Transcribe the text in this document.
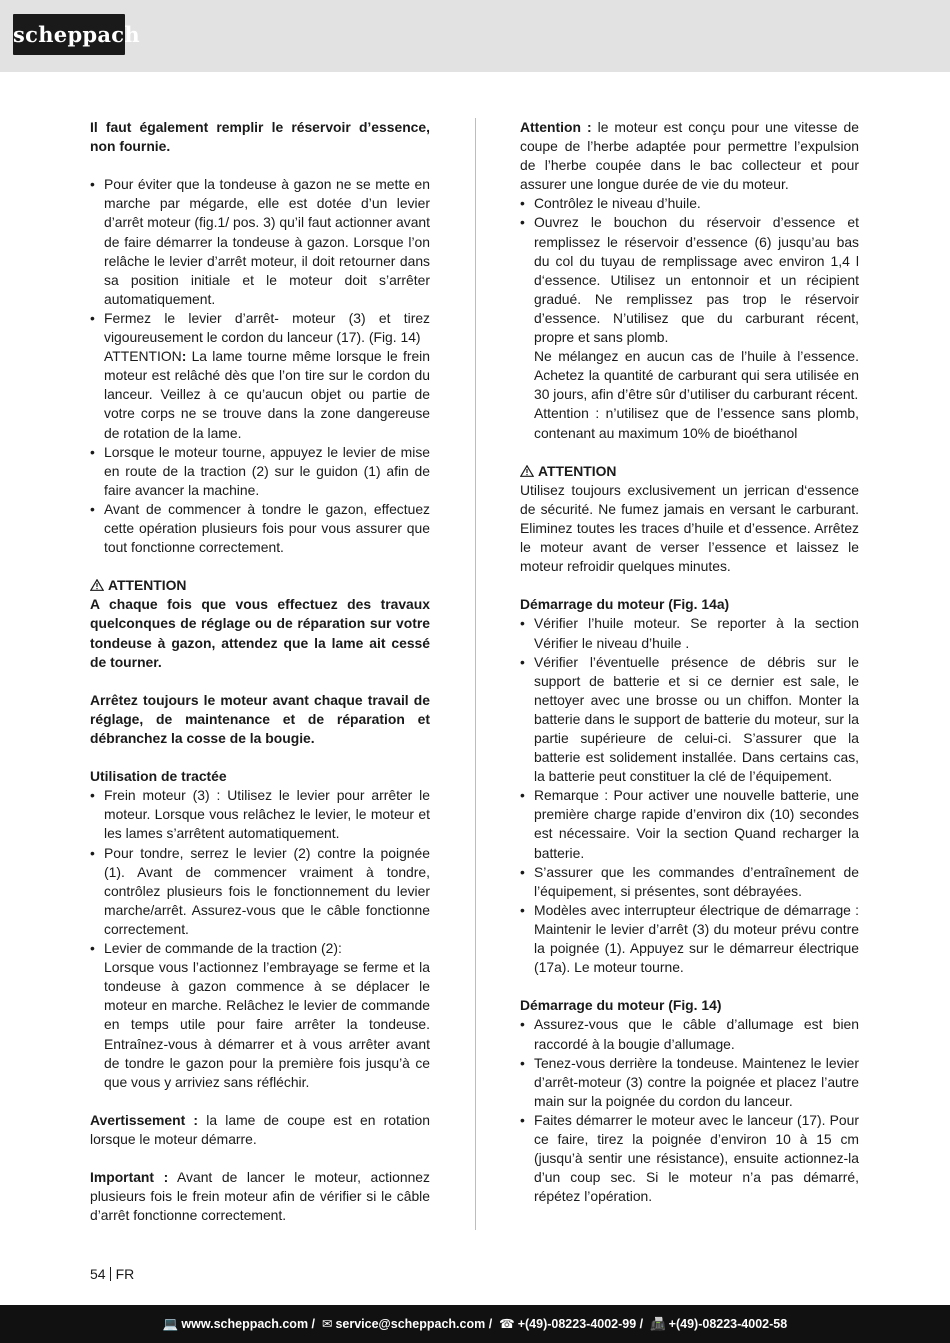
scheppach

Il faut également remplir le réservoir d’essence, non fournie.

• Pour éviter que la tondeuse à gazon ne se mette en marche par mégarde, elle est dotée d’un levier d’arrêt moteur (fig.1/ pos. 3) qu’il faut actionner avant de faire démarrer la tondeuse à gazon. Lorsque l’on relâche le levier d’arrêt moteur, il doit retourner dans sa position initiale et le moteur doit s’arrêter automatiquement.
• Fermez le levier d’arrêt- moteur (3) et tirez vigoureusement le cordon du lanceur (17). (Fig. 14)
ATTENTION: La lame tourne même lorsque le frein moteur est relâché dès que l’on tire sur le cordon du lanceur. Veillez à ce qu’aucun objet ou partie de votre corps ne se trouve dans la zone dangereuse de rotation de la lame.
• Lorsque le moteur tourne, appuyez le levier de mise en route de la traction (2) sur le guidon (1) afin de faire avancer la machine.
• Avant de commencer à tondre le gazon, effectuez cette opération plusieurs fois pour vous assurer que tout fonctionne correctement.

ATTENTION

A chaque fois que vous effectuez des travaux quelconques de réglage ou de réparation sur votre tondeuse à gazon, attendez que la lame ait cessé de tourner.

Arrêtez toujours le moteur avant chaque travail de réglage, de maintenance et de réparation et débranchez la cosse de la bougie.

Utilisation de tractée

• Frein moteur (3) : Utilisez le levier pour arrêter le moteur. Lorsque vous relâchez le levier, le moteur et les lames s’arrêtent automatiquement.
• Pour tondre, serrez le levier (2) contre la poignée (1). Avant de commencer vraiment à tondre, contrôlez plusieurs fois le fonctionnement du levier marche/arrêt. Assurez-vous que le câble fonctionne correctement.
• Levier de commande de la traction (2):
Lorsque vous l’actionnez l’embrayage se ferme et la tondeuse à gazon commence à se déplacer le moteur en marche. Relâchez le levier de commande en temps utile pour faire arrêter la tondeuse. Entraînez-vous à démarrer et à vous arrêter avant de tondre le gazon pour la première fois jusqu’à ce que vous y arriviez sans réfléchir.

Avertissement : la lame de coupe est en rotation lorsque le moteur démarre.

Important : Avant de lancer le moteur, actionnez plusieurs fois le frein moteur afin de vérifier si le câble d’arrêt fonctionne correctement.

Attention : le moteur est conçu pour une vitesse de coupe de l’herbe adaptée pour permettre l’expulsion de l’herbe coupée dans le bac collecteur et pour assurer une longue durée de vie du moteur.

• Contrôlez le niveau d’huile.
• Ouvrez le bouchon du réservoir d’essence et remplissez le réservoir d’essence (6) jusqu’au bas du col du tuyau de remplissage avec environ 1,4 l d‘essence. Utilisez un entonnoir et un récipient gradué. Ne remplissez pas trop le réservoir d’essence. N’utilisez que du carburant récent, propre et sans plomb.
Ne mélangez en aucun cas de l’huile à l’essence. Achetez la quantité de carburant qui sera utilisée en 30 jours, afin d’être sûr d’utiliser du carburant récent.
Attention : n’utilisez que de l’essence sans plomb, contenant au maximum 10% de bioéthanol

ATTENTION

Utilisez toujours exclusivement un jerrican d‘essence de sécurité. Ne fumez jamais en versant le carburant. Eliminez toutes les traces d’huile et d’essence. Arrêtez le moteur avant de verser l’essence et laissez le moteur refroidir quelques minutes.

Démarrage du moteur (Fig. 14a)

• Vérifier l’huile moteur. Se reporter à la section Vérifier le niveau d’huile .
• Vérifier l’éventuelle présence de débris sur le support de batterie et si ce dernier est sale, le nettoyer avec une brosse ou un chiffon. Monter la batterie dans le support de batterie du moteur, sur la partie supérieure de celui-ci. S’assurer que la batterie est solidement installée. Dans certains cas, la batterie peut constituer la clé de l’équipement.
• Remarque : Pour activer une nouvelle batterie, une première charge rapide d’environ dix (10) secondes est nécessaire. Voir la section Quand recharger la batterie.
• S’assurer que les commandes d’entraînement de l’équipement, si présentes, sont débrayées.
• Modèles avec interrupteur électrique de démarrage : Maintenir le levier d’arrêt (3) du moteur prévu contre la poignée (1). Appuyez sur le démarreur électrique (17a). Le moteur tourne.

Démarrage du moteur (Fig. 14)

• Assurez-vous que le câble d’allumage est bien raccordé à la bougie d’allumage.
• Tenez-vous derrière la tondeuse. Maintenez le levier d’arrêt-moteur (3) contre la poignée et placez l’autre main sur la poignée du cordon du lanceur.
• Faites démarrer le moteur avec le lanceur (17). Pour ce faire, tirez la poignée d’environ 10 à 15 cm (jusqu’à sentir une résistance), ensuite actionnez-la d’un coup sec. Si le moteur n’a pas démarré, répétez l’opération.
54 FR
💻 www.scheppach.com / ✉ service@scheppach.com / ☎ +(49)-08223-4002-99 / 📠 +(49)-08223-4002-58
